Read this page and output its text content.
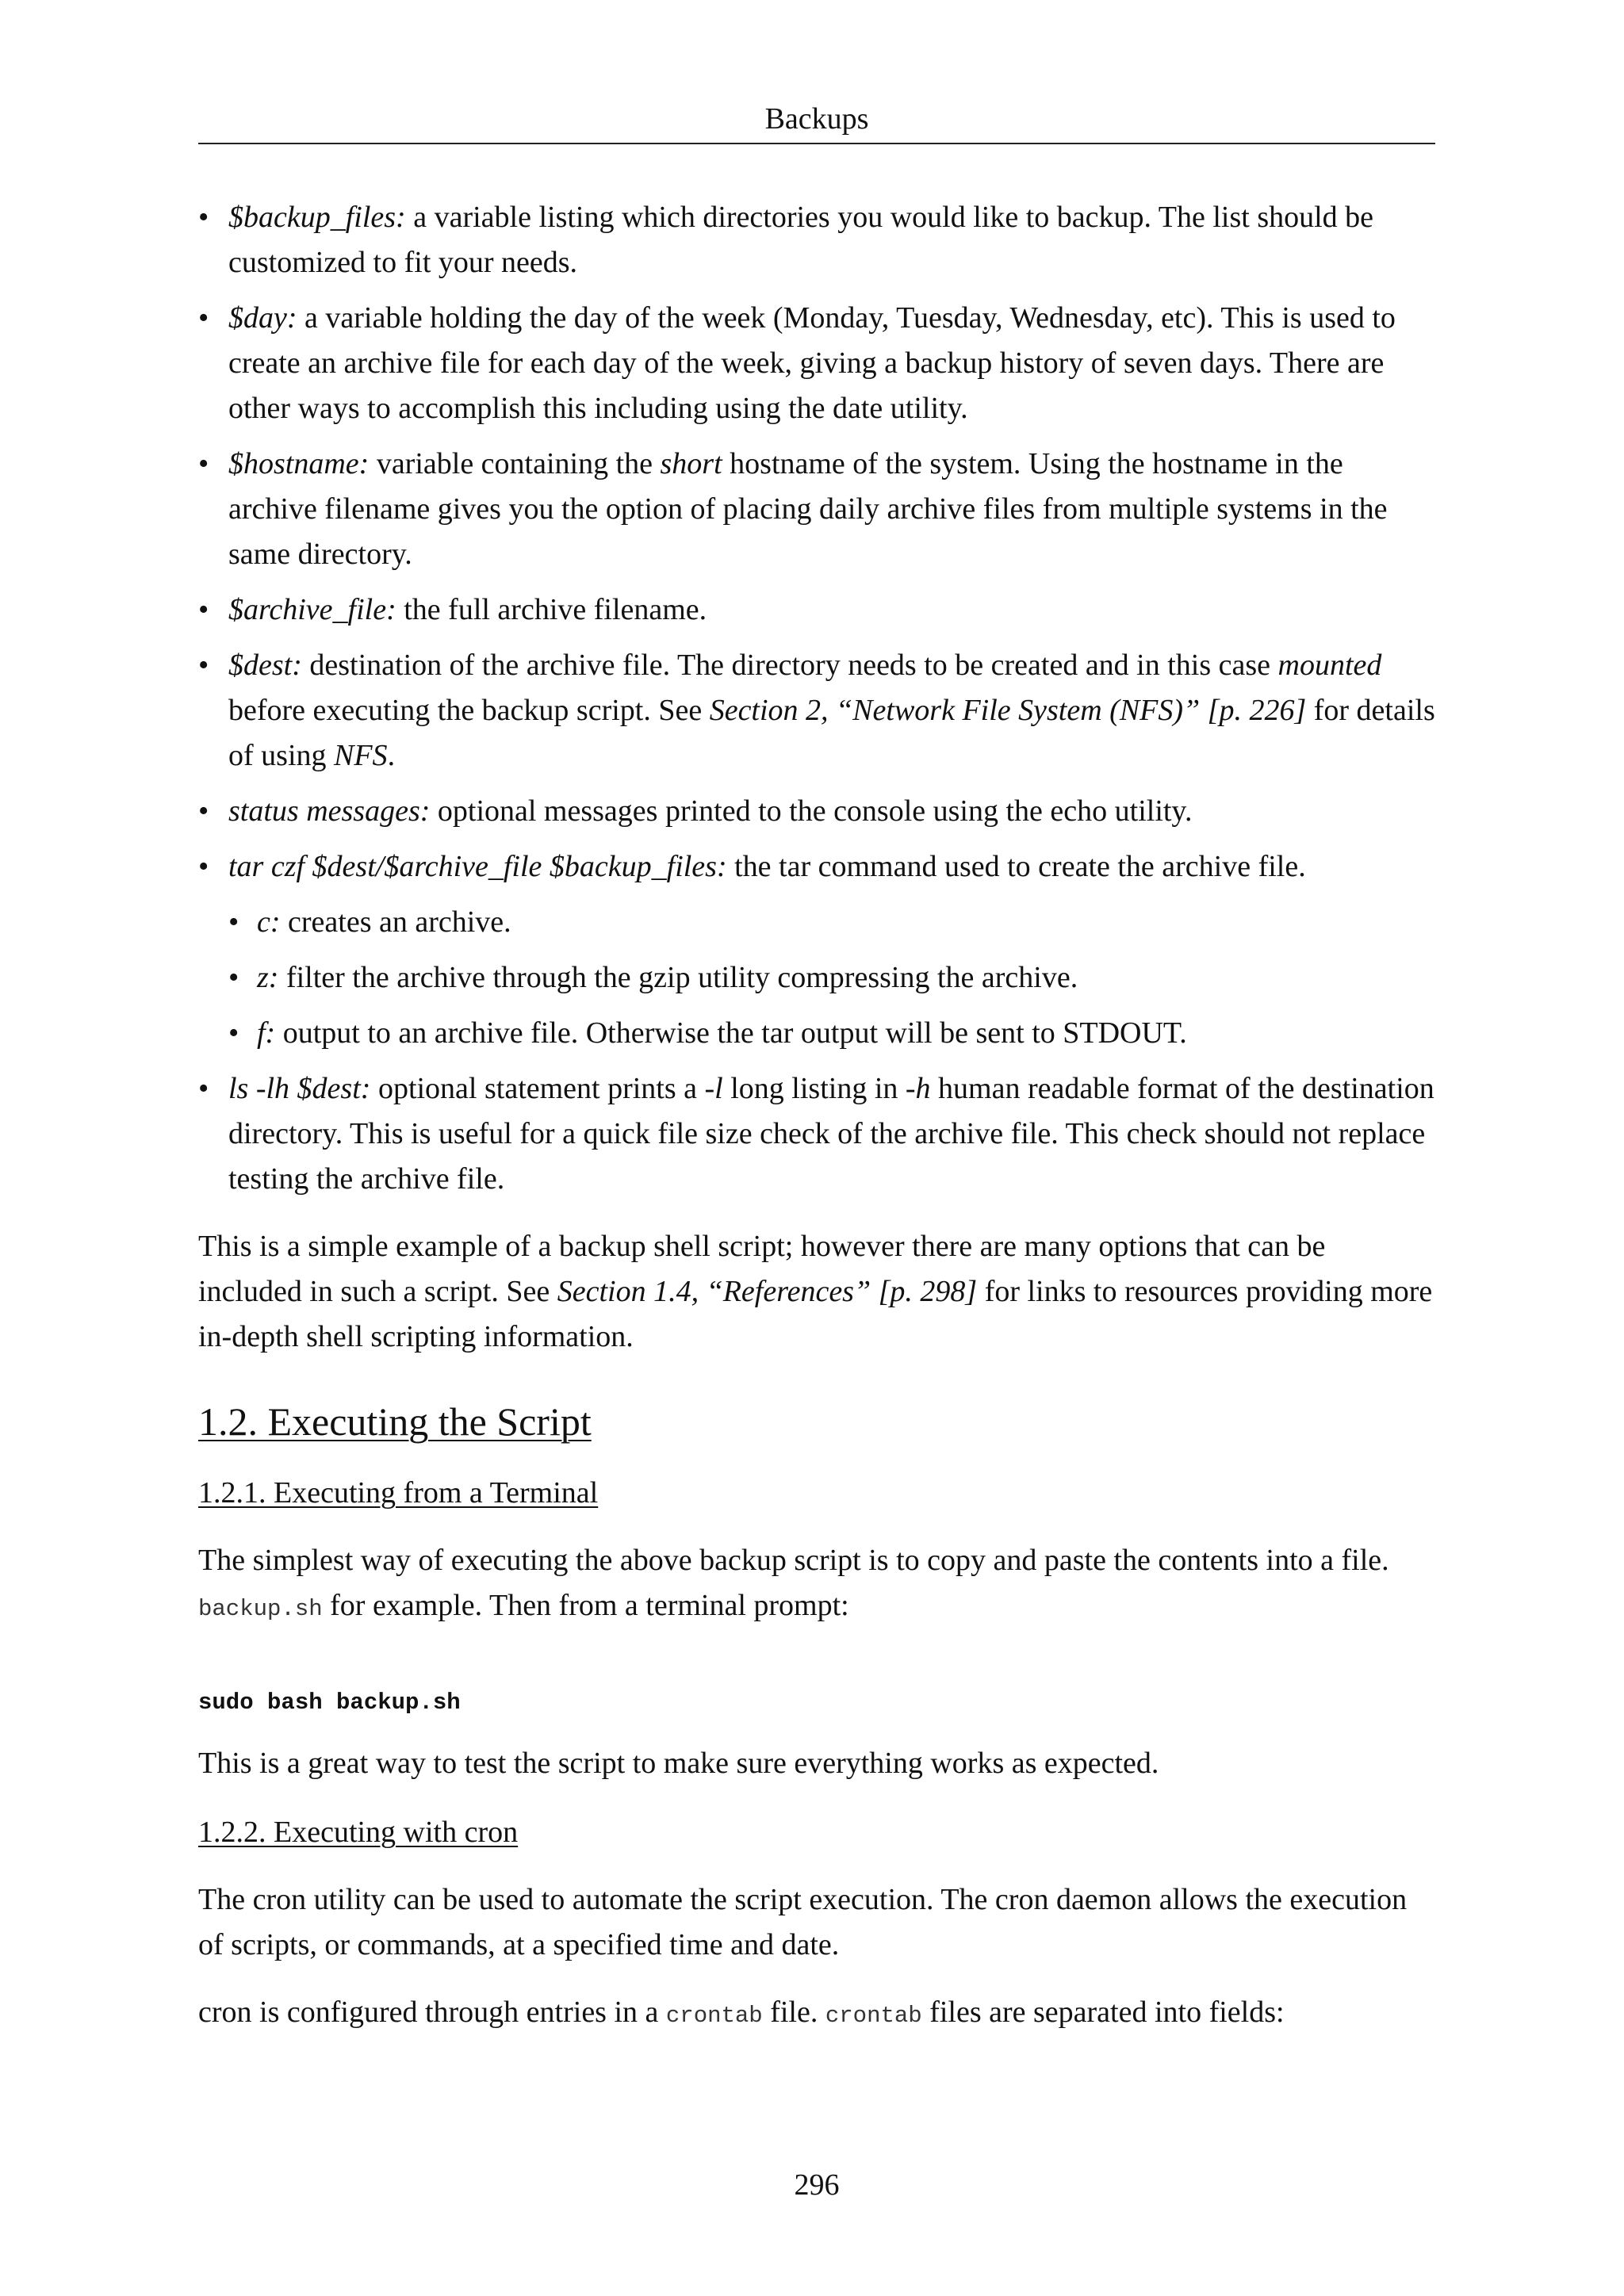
Backups
• $backup_files: a variable listing which directories you would like to backup. The list should be customized to fit your needs.
• $day: a variable holding the day of the week (Monday, Tuesday, Wednesday, etc). This is used to create an archive file for each day of the week, giving a backup history of seven days. There are other ways to accomplish this including using the date utility.
• $hostname: variable containing the short hostname of the system. Using the hostname in the archive filename gives you the option of placing daily archive files from multiple systems in the same directory.
• $archive_file: the full archive filename.
• $dest: destination of the archive file. The directory needs to be created and in this case mounted before executing the backup script. See Section 2, “Network File System (NFS)” [p. 226] for details of using NFS.
• status messages: optional messages printed to the console using the echo utility.
• tar czf $dest/$archive_file $backup_files: the tar command used to create the archive file.
• c: creates an archive.
• z: filter the archive through the gzip utility compressing the archive.
• f: output to an archive file. Otherwise the tar output will be sent to STDOUT.
• ls -lh $dest: optional statement prints a -l long listing in -h human readable format of the destination directory. This is useful for a quick file size check of the archive file. This check should not replace testing the archive file.

This is a simple example of a backup shell script; however there are many options that can be included in such a script. See Section 1.4, “References” [p. 298] for links to resources providing more in-depth shell scripting information.

1.2. Executing the Script
1.2.1. Executing from a Terminal

The simplest way of executing the above backup script is to copy and paste the contents into a file. backup.sh for example. Then from a terminal prompt:

sudo bash backup.sh

This is a great way to test the script to make sure everything works as expected.

1.2.2. Executing with cron

The cron utility can be used to automate the script execution. The cron daemon allows the execution of scripts, or commands, at a specified time and date.

cron is configured through entries in a crontab file. crontab files are separated into fields:

296
